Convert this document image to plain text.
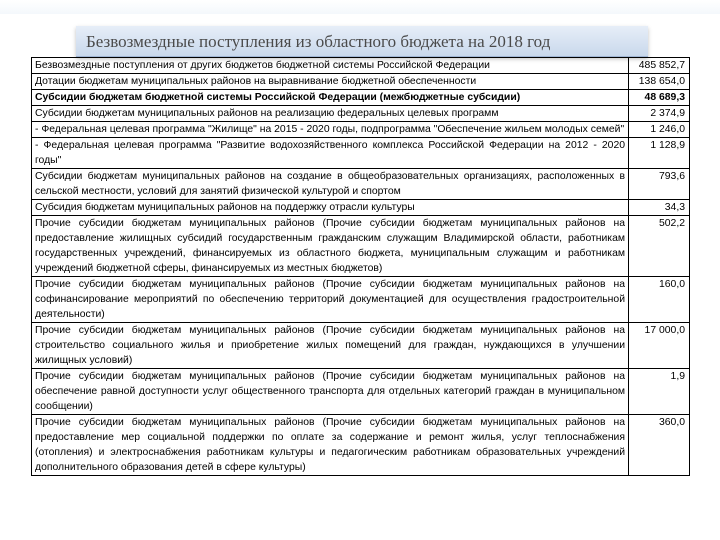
Безвозмездные поступления из областного бюджета на 2018 год
Безвозмездные поступления от других бюджетов бюджетной системы Российской Федерации	485 852,7
Дотации бюджетам муниципальных районов на выравнивание бюджетной обеспеченности	138 654,0
Субсидии бюджетам бюджетной системы Российской Федерации (межбюджетные субсидии)	48 689,3
Субсидии бюджетам муниципальных районов на реализацию федеральных целевых программ	2 374,9
- Федеральная целевая программа "Жилище" на 2015 - 2020 годы, подпрограмма "Обеспечение жильем молодых семей"	1 246,0
- Федеральная целевая программа "Развитие водохозяйственного комплекса Российской Федерации на 2012 - 2020 годы"	1 128,9
Субсидии бюджетам муниципальных районов на создание в общеобразовательных организациях, расположенных в сельской местности, условий для занятий физической культурой и спортом	793,6
Субсидия бюджетам муниципальных районов на поддержку отрасли культуры	34,3
Прочие субсидии бюджетам муниципальных районов (Прочие субсидии бюджетам муниципальных районов на предоставление жилищных субсидий государственным гражданским служащим Владимирской области, работникам государственных учреждений, финансируемых из областного бюджета, муниципальным служащим и работникам учреждений бюджетной сферы, финансируемых из местных бюджетов)	502,2
Прочие субсидии бюджетам муниципальных районов (Прочие субсидии бюджетам муниципальных районов на софинансирование мероприятий по обеспечению территорий документацией для осуществления градостроительной деятельности)	160,0
Прочие субсидии бюджетам муниципальных районов (Прочие субсидии бюджетам муниципальных районов на строительство социального жилья и приобретение жилых помещений для граждан, нуждающихся в улучшении жилищных условий)	17 000,0
Прочие субсидии бюджетам муниципальных районов (Прочие субсидии бюджетам муниципальных районов на обеспечение равной доступности услуг общественного транспорта для отдельных категорий граждан в муниципальном сообщении)	1,9
Прочие субсидии бюджетам муниципальных районов (Прочие субсидии бюджетам муниципальных районов на предоставление мер социальной поддержки по оплате за содержание и ремонт жилья, услуг теплоснабжения (отопления) и электроснабжения работникам культуры и педагогическим работникам образовательных учреждений дополнительного образования детей в сфере культуры)	360,0
